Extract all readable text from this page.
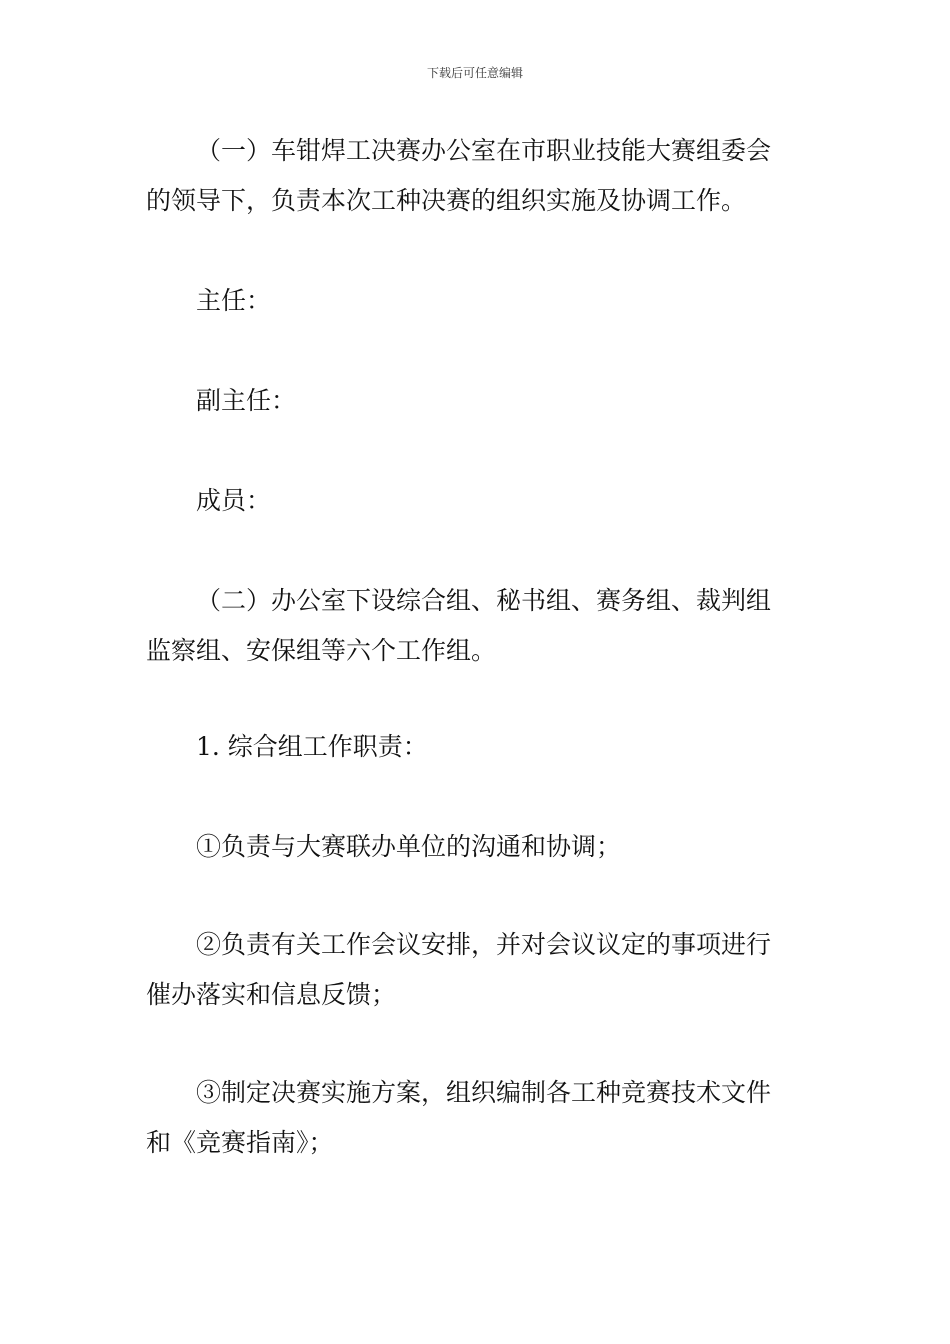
下载后可任意编辑
（一）车钳焊工决赛办公室在市职业技能大赛组委会
的领导下，负责本次工种决赛的组织实施及协调工作。
主任：
副主任：
成员：
（二）办公室下设综合组、秘书组、赛务组、裁判组
监察组、安保组等六个工作组。
1. 综合组工作职责：
①负责与大赛联办单位的沟通和协调；
②负责有关工作会议安排，并对会议议定的事项进行
催办落实和信息反馈；
③制定决赛实施方案，组织编制各工种竞赛技术文件
和《竞赛指南》；
